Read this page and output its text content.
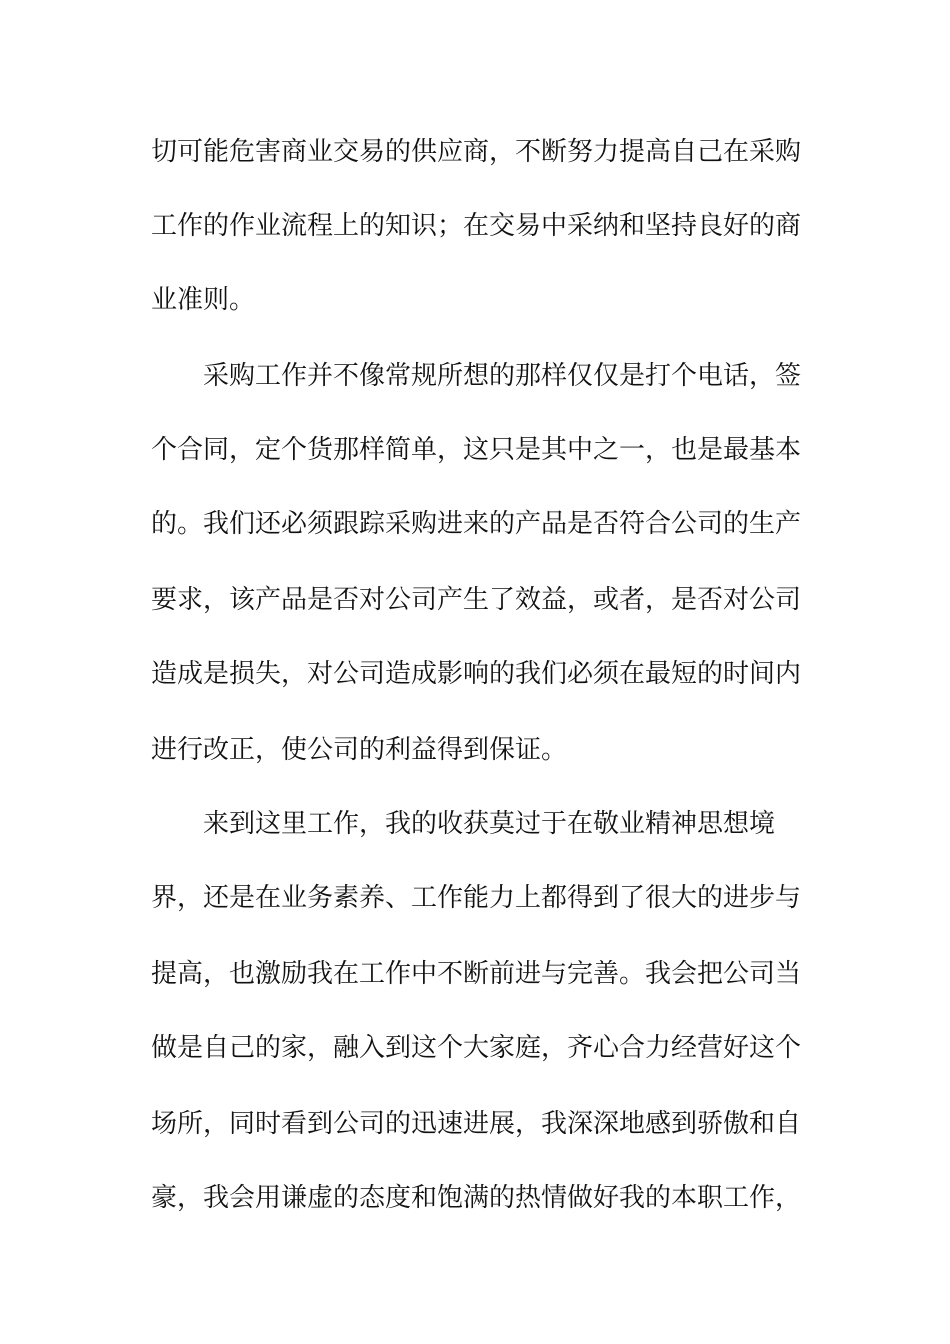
切可能危害商业交易的供应商，不断努力提高自己在采购
工作的作业流程上的知识；在交易中采纳和坚持良好的商
业准则。
采购工作并不像常规所想的那样仅仅是打个电话，签
个合同，定个货那样简单，这只是其中之一，也是最基本
的。我们还必须跟踪采购进来的产品是否符合公司的生产
要求，该产品是否对公司产生了效益，或者，是否对公司
造成是损失，对公司造成影响的我们必须在最短的时间内
进行改正，使公司的利益得到保证。
来到这里工作，我的收获莫过于在敬业精神思想境
界，还是在业务素养、工作能力上都得到了很大的进步与
提高，也激励我在工作中不断前进与完善。我会把公司当
做是自己的家，融入到这个大家庭，齐心合力经营好这个
场所，同时看到公司的迅速进展，我深深地感到骄傲和自
豪，我会用谦虚的态度和饱满的热情做好我的本职工作，
